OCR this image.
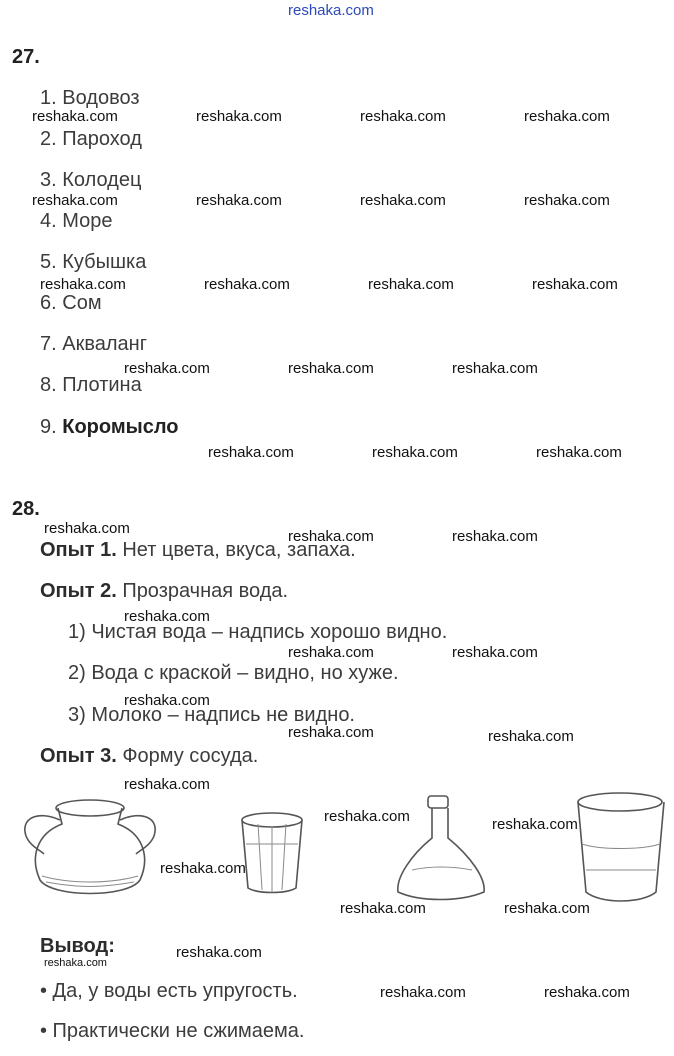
reshaka.com
27.
1. Водовоз
2. Пароход
3. Колодец
4. Море
5. Кубышка
6. Сом
7. Акваланг
8. Плотина
9. Коромысло
28.
Опыт 1. Нет цвета, вкуса, запаха.
Опыт 2. Прозрачная вода.
1) Чистая вода – надпись хорошо видно.
2) Вода с краской – видно, но хуже.
3) Молоко – надпись не видно.
Опыт 3. Форму сосуда.
Вывод:
• Да, у воды есть упругость.
• Практически не сжимаема.
reshaka.com	reshaka.com	reshaka.com	reshaka.com
reshaka.com	reshaka.com	reshaka.com	reshaka.com
reshaka.com	reshaka.com	reshaka.com	reshaka.com
reshaka.com	reshaka.com	reshaka.com
reshaka.com	reshaka.com	reshaka.com
reshaka.com	reshaka.com	reshaka.com
reshaka.com
reshaka.com	reshaka.com
reshaka.com
reshaka.com	reshaka.com
reshaka.com
reshaka.com	reshaka.com
reshaka.com
reshaka.com	reshaka.com
reshaka.com
reshaka.com
reshaka.com	reshaka.com
